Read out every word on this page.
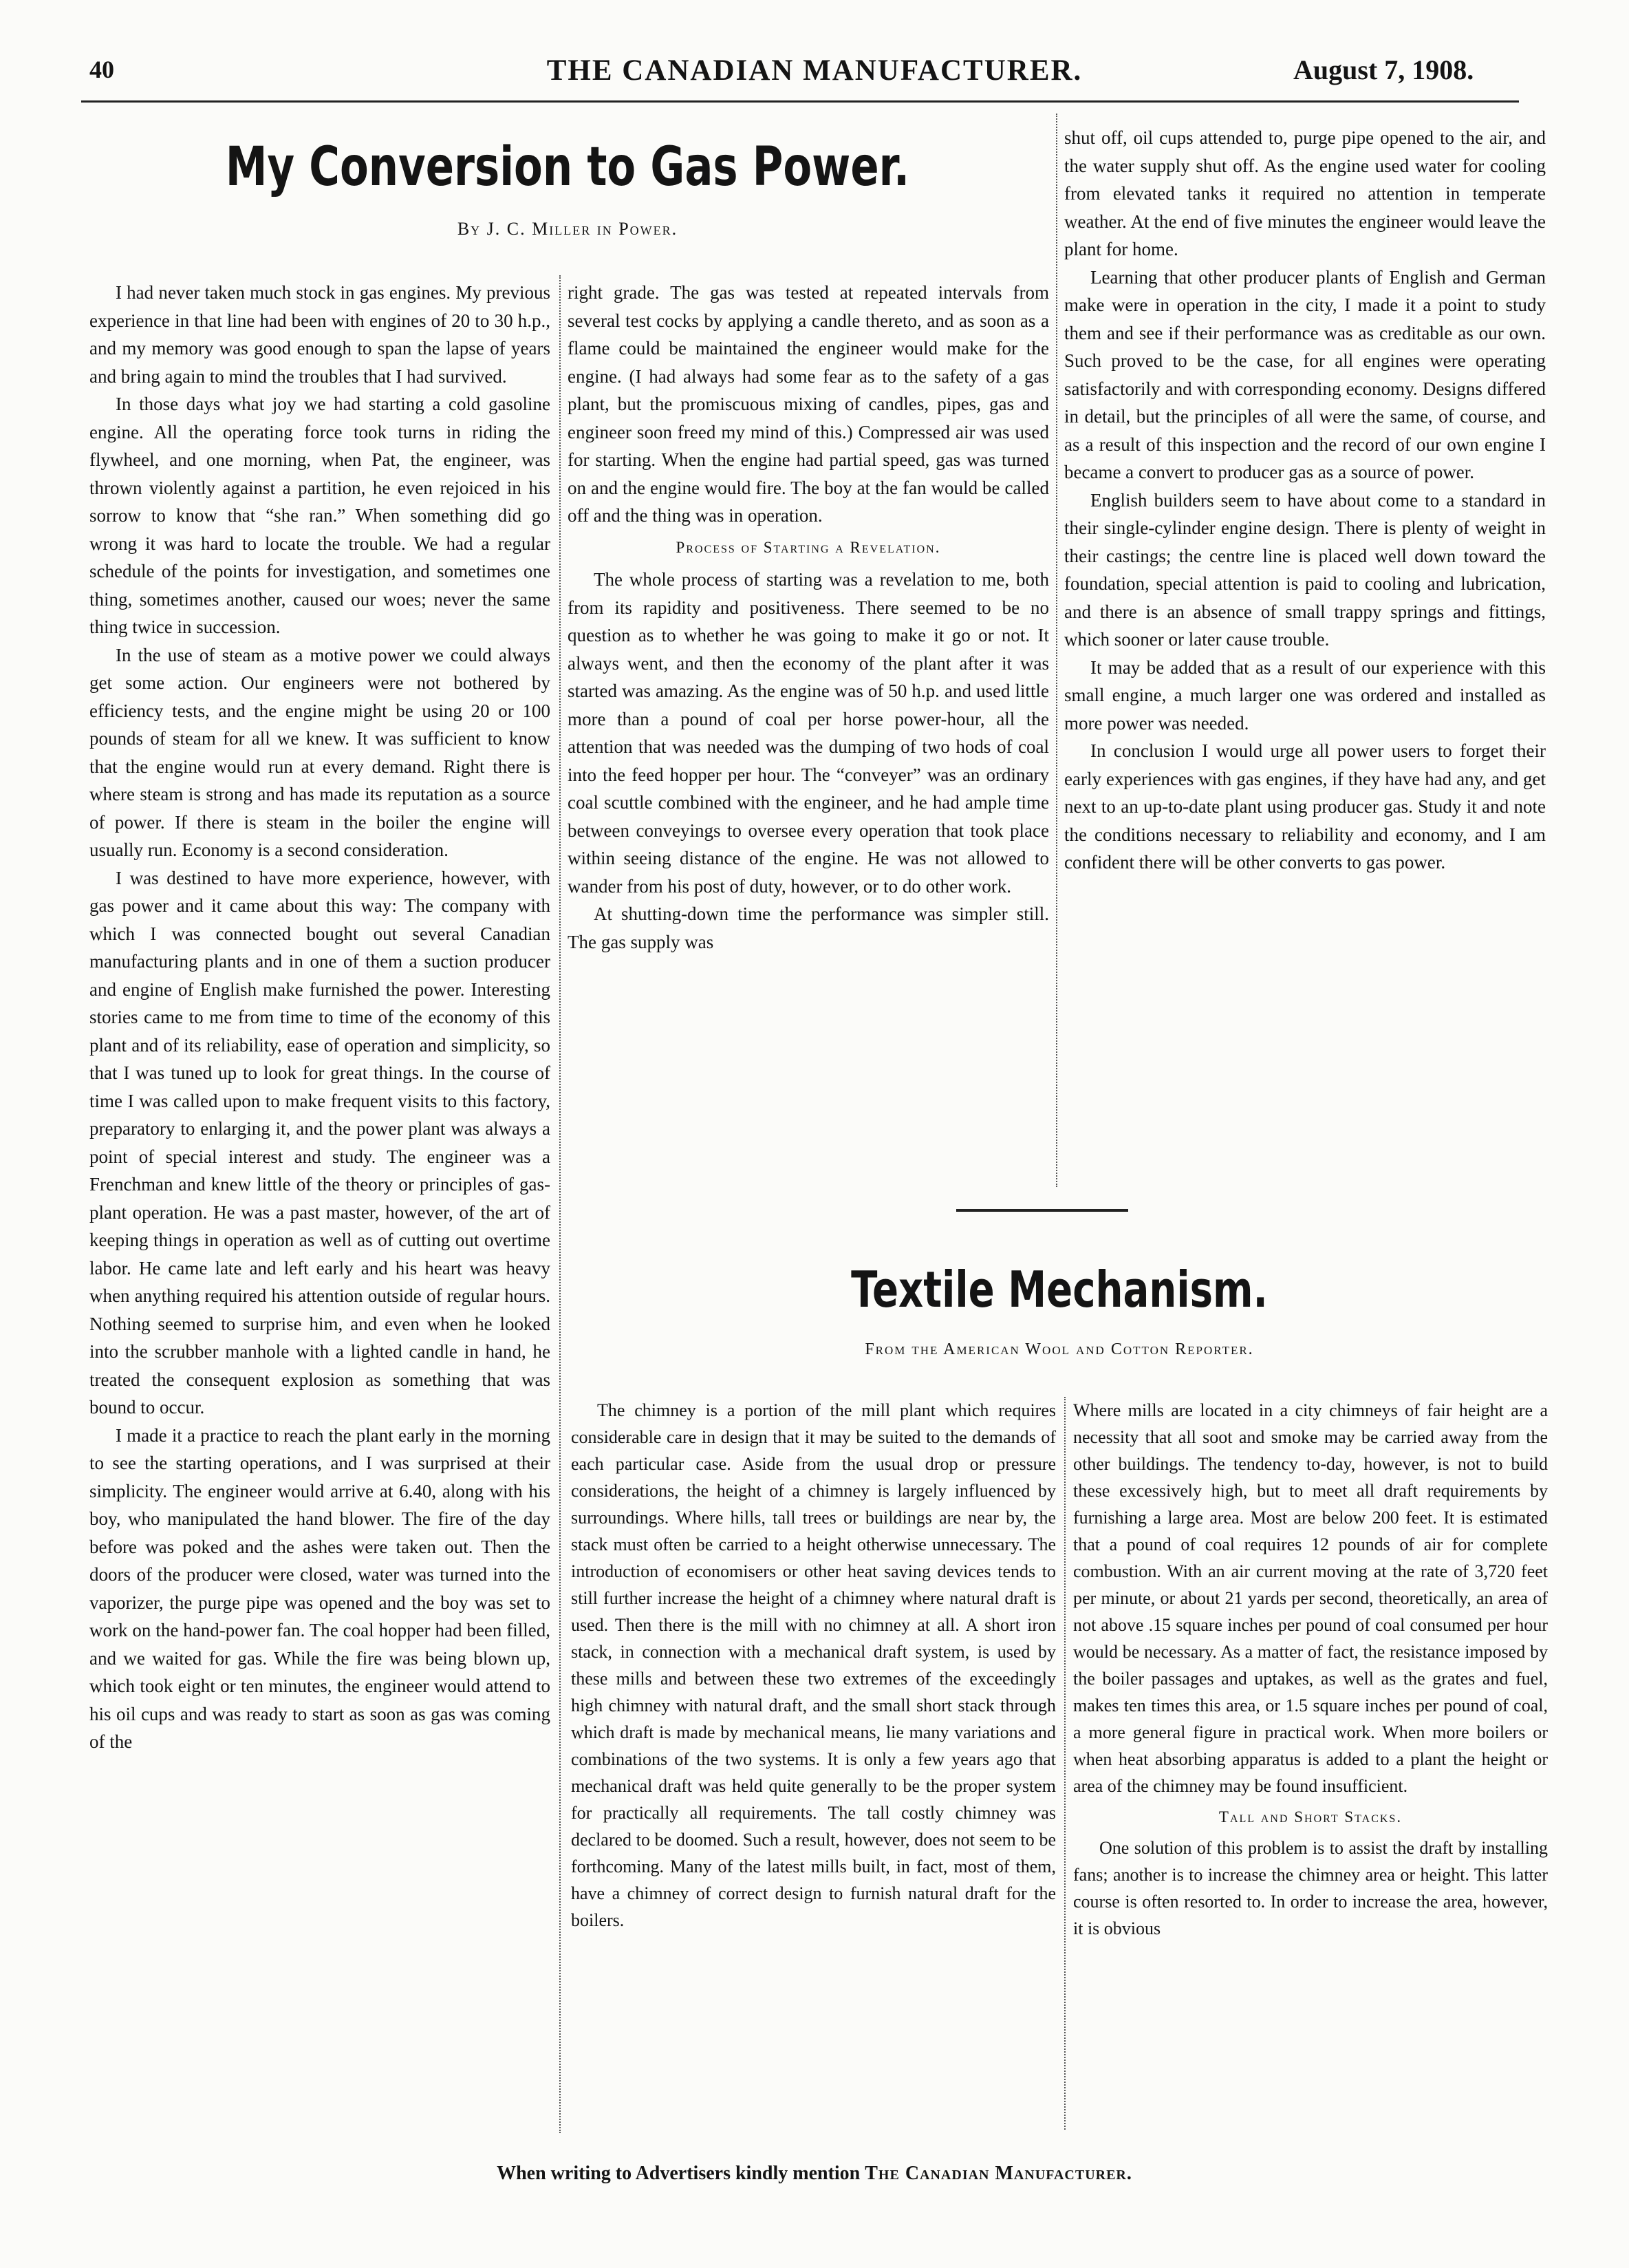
40	THE CANADIAN MANUFACTURER.	August 7, 1908.
My Conversion to Gas Power.
By J. C. Miller in Power.

I had never taken much stock in gas engines. My previous experience in that line had been with engines of 20 to 30 h.p., and my memory was good enough to span the lapse of years and bring again to mind the troubles that I had survived.

In those days what joy we had starting a cold gasoline engine. All the operating force took turns in riding the flywheel, and one morning, when Pat, the engineer, was thrown violently against a partition, he even rejoiced in his sorrow to know that “she ran.” When something did go wrong it was hard to locate the trouble. We had a regular schedule of the points for investigation, and sometimes one thing, sometimes another, caused our woes; never the same thing twice in succession.

In the use of steam as a motive power we could always get some action. Our engineers were not bothered by efficiency tests, and the engine might be using 20 or 100 pounds of steam for all we knew. It was sufficient to know that the engine would run at every demand. Right there is where steam is strong and has made its reputation as a source of power. If there is steam in the boiler the engine will usually run. Economy is a second consideration.

I was destined to have more experience, however, with gas power and it came about this way: The company with which I was connected bought out several Canadian manufacturing plants and in one of them a suction producer and engine of English make furnished the power. Interesting stories came to me from time to time of the economy of this plant and of its reliability, ease of operation and simplicity, so that I was tuned up to look for great things. In the course of time I was called upon to make frequent visits to this factory, preparatory to enlarging it, and the power plant was always a point of special interest and study. The engineer was a Frenchman and knew little of the theory or principles of gas-plant operation. He was a past master, however, of the art of keeping things in operation as well as of cutting out overtime labor. He came late and left early and his heart was heavy when anything required his attention outside of regular hours. Nothing seemed to surprise him, and even when he looked into the scrubber manhole with a lighted candle in hand, he treated the consequent explosion as something that was bound to occur.

I made it a practice to reach the plant early in the morning to see the starting operations, and I was surprised at their simplicity. The engineer would arrive at 6.40, along with his boy, who manipulated the hand blower. The fire of the day before was poked and the ashes were taken out. Then the doors of the producer were closed, water was turned into the vaporizer, the purge pipe was opened and the boy was set to work on the hand-power fan. The coal hopper had been filled, and we waited for gas. While the fire was being blown up, which took eight or ten minutes, the engineer would attend to his oil cups and was ready to start as soon as gas was coming of the

right grade. The gas was tested at repeated intervals from several test cocks by applying a candle thereto, and as soon as a flame could be maintained the engineer would make for the engine. (I had always had some fear as to the safety of a gas plant, but the promiscuous mixing of candles, pipes, gas and engineer soon freed my mind of this.) Compressed air was used for starting. When the engine had partial speed, gas was turned on and the engine would fire. The boy at the fan would be called off and the thing was in operation.

Process of Starting a Revelation.

The whole process of starting was a revelation to me, both from its rapidity and positiveness. There seemed to be no question as to whether he was going to make it go or not. It always went, and then the economy of the plant after it was started was amazing. As the engine was of 50 h.p. and used little more than a pound of coal per horse power-hour, all the attention that was needed was the dumping of two hods of coal into the feed hopper per hour. The “conveyer” was an ordinary coal scuttle combined with the engineer, and he had ample time between conveyings to oversee every operation that took place within seeing distance of the engine. He was not allowed to wander from his post of duty, however, or to do other work.

At shutting-down time the performance was simpler still. The gas supply was

shut off, oil cups attended to, purge pipe opened to the air, and the water supply shut off. As the engine used water for cooling from elevated tanks it required no attention in temperate weather. At the end of five minutes the engineer would leave the plant for home.

Learning that other producer plants of English and German make were in operation in the city, I made it a point to study them and see if their performance was as creditable as our own. Such proved to be the case, for all engines were operating satisfactorily and with corresponding economy. Designs differed in detail, but the principles of all were the same, of course, and as a result of this inspection and the record of our own engine I became a convert to producer gas as a source of power.

English builders seem to have about come to a standard in their single-cylinder engine design. There is plenty of weight in their castings; the centre line is placed well down toward the foundation, special attention is paid to cooling and lubrication, and there is an absence of small trappy springs and fittings, which sooner or later cause trouble.

It may be added that as a result of our experience with this small engine, a much larger one was ordered and installed as more power was needed.

In conclusion I would urge all power users to forget their early experiences with gas engines, if they have had any, and get next to an up-to-date plant using producer gas. Study it and note the conditions necessary to reliability and economy, and I am confident there will be other converts to gas power.

Textile Mechanism.
From the American Wool and Cotton Reporter.

The chimney is a portion of the mill plant which requires considerable care in design that it may be suited to the demands of each particular case. Aside from the usual drop or pressure considerations, the height of a chimney is largely influenced by surroundings. Where hills, tall trees or buildings are near by, the stack must often be carried to a height otherwise unnecessary. The introduction of economisers or other heat saving devices tends to still further increase the height of a chimney where natural draft is used. Then there is the mill with no chimney at all. A short iron stack, in connection with a mechanical draft system, is used by these mills and between these two extremes of the exceedingly high chimney with natural draft, and the small short stack through which draft is made by mechanical means, lie many variations and combinations of the two systems. It is only a few years ago that mechanical draft was held quite generally to be the proper system for practically all requirements. The tall costly chimney was declared to be doomed. Such a result, however, does not seem to be forthcoming. Many of the latest mills built, in fact, most of them, have a chimney of correct design to furnish natural draft for the boilers.

Where mills are located in a city chimneys of fair height are a necessity that all soot and smoke may be carried away from the other buildings. The tendency to-day, however, is not to build these excessively high, but to meet all draft requirements by furnishing a large area. Most are below 200 feet. It is estimated that a pound of coal requires 12 pounds of air for complete combustion. With an air current moving at the rate of 3,720 feet per minute, or about 21 yards per second, theoretically, an area of not above .15 square inches per pound of coal consumed per hour would be necessary. As a matter of fact, the resistance imposed by the boiler passages and uptakes, as well as the grates and fuel, makes ten times this area, or 1.5 square inches per pound of coal, a more general figure in practical work. When more boilers or when heat absorbing apparatus is added to a plant the height or area of the chimney may be found insufficient.

Tall and Short Stacks.

One solution of this problem is to assist the draft by installing fans; another is to increase the chimney area or height. This latter course is often resorted to. In order to increase the area, however, it is obvious

When writing to Advertisers kindly mention The Canadian Manufacturer.
